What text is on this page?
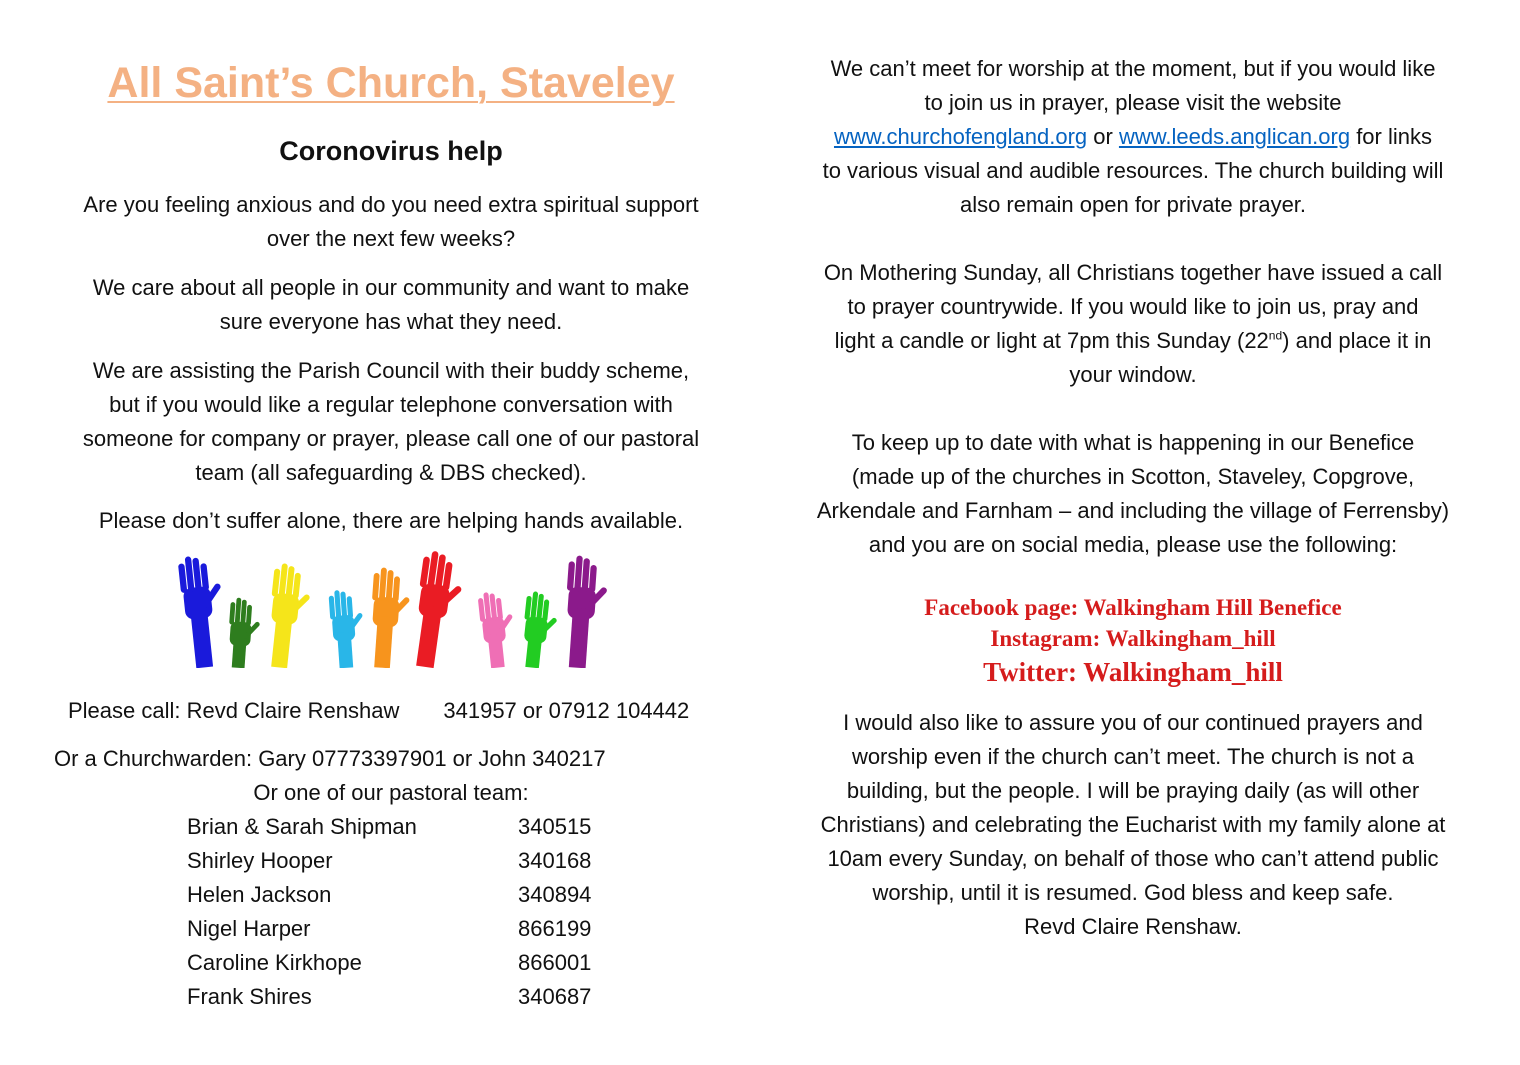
All Saint’s Church, Staveley
Coronovirus help
Are you feeling anxious and do you need extra spiritual support
over the next few weeks?
We care about all people in our community and want to make
sure everyone has what they need.
We are assisting the Parish Council with their buddy scheme,
but if you would like a regular telephone conversation with
someone for company or prayer, please call one of our pastoral
team (all safeguarding & DBS checked).
Please don’t suffer alone, there are helping hands available.
Please call: Revd Claire Renshaw 341957 or 07912 104442
Or a Churchwarden: Gary 07773397901 or John 340217
Or one of our pastoral team:
Brian & Sarah Shipman	340515
Shirley Hooper	340168
Helen Jackson	340894
Nigel Harper	866199
Caroline Kirkhope	866001
Frank Shires	340687
We can’t meet for worship at the moment, but if you would like
to join us in prayer, please visit the website
www.churchofengland.org or www.leeds.anglican.org for links
to various visual and audible resources. The church building will
also remain open for private prayer.
On Mothering Sunday, all Christians together have issued a call
to prayer countrywide. If you would like to join us, pray and
light a candle or light at 7pm this Sunday (22nd) and place it in
your window.
To keep up to date with what is happening in our Benefice
(made up of the churches in Scotton, Staveley, Copgrove,
Arkendale and Farnham – and including the village of Ferrensby)
and you are on social media, please use the following:
Facebook page: Walkingham Hill Benefice
Instagram: Walkingham_hill
Twitter: Walkingham_hill
I would also like to assure you of our continued prayers and
worship even if the church can’t meet. The church is not a
building, but the people. I will be praying daily (as will other
Christians) and celebrating the Eucharist with my family alone at
10am every Sunday, on behalf of those who can’t attend public
worship, until it is resumed. God bless and keep safe.
Revd Claire Renshaw.
